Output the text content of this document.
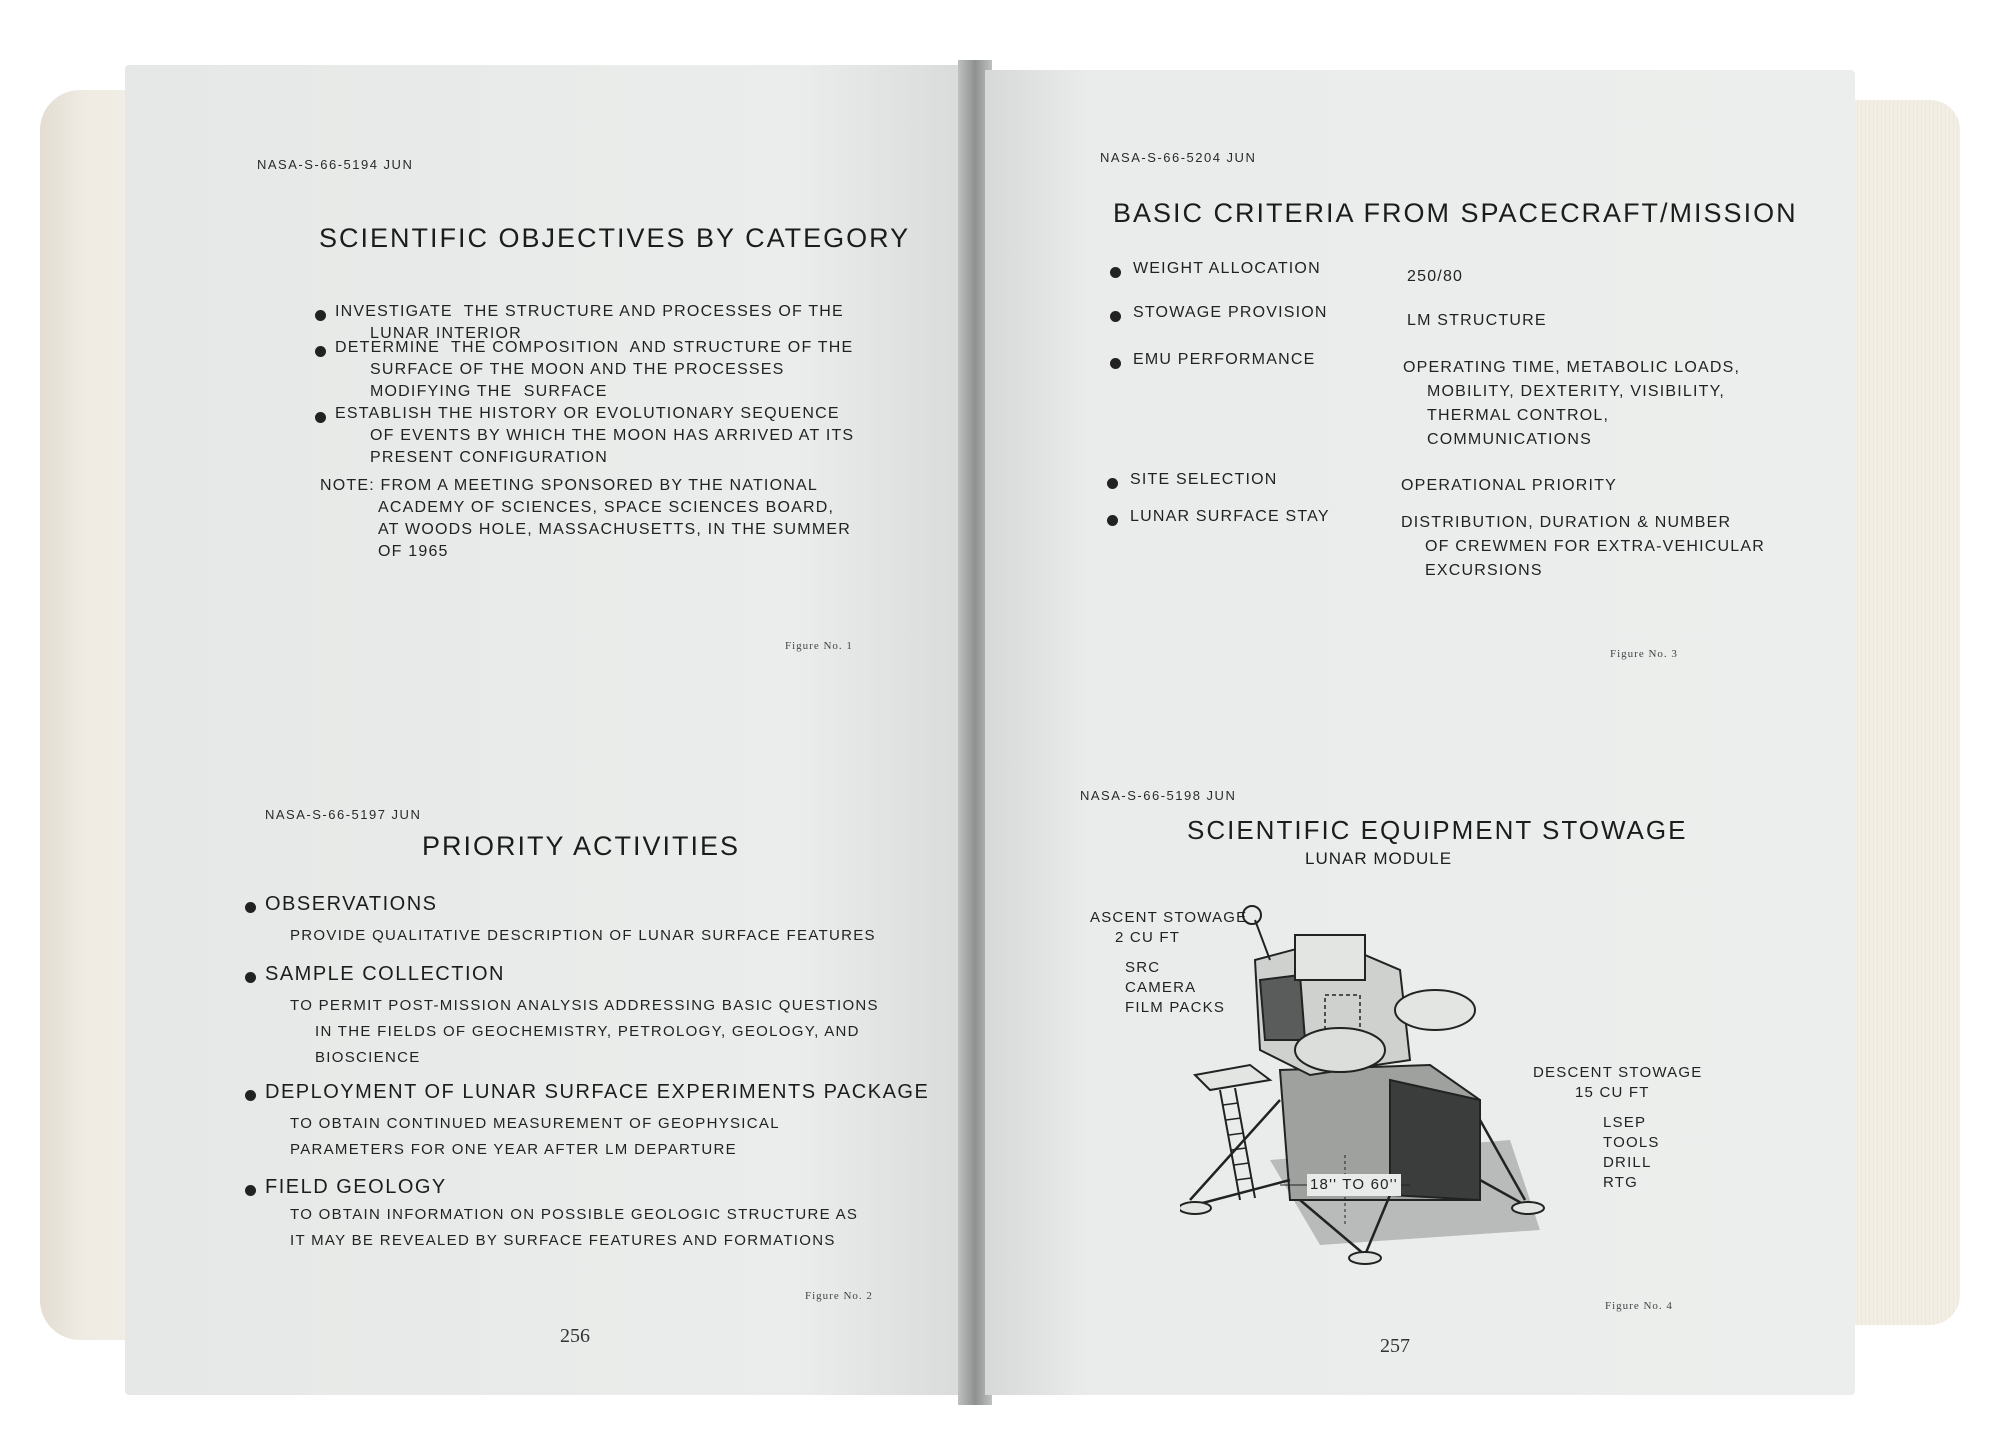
NASA-S-66-5194 JUN
SCIENTIFIC OBJECTIVES BY CATEGORY
INVESTIGATE  THE STRUCTURE AND PROCESSES OF THE
LUNAR INTERIOR
DETERMINE  THE COMPOSITION  AND STRUCTURE OF THE
SURFACE OF THE MOON AND THE PROCESSES
MODIFYING THE  SURFACE
ESTABLISH THE HISTORY OR EVOLUTIONARY SEQUENCE
OF EVENTS BY WHICH THE MOON HAS ARRIVED AT ITS
PRESENT CONFIGURATION
NOTE: FROM A MEETING SPONSORED BY THE NATIONAL
ACADEMY OF SCIENCES, SPACE SCIENCES BOARD,
AT WOODS HOLE, MASSACHUSETTS, IN THE SUMMER
OF 1965
Figure No. 1
NASA-S-66-5197 JUN
PRIORITY ACTIVITIES
OBSERVATIONS
PROVIDE QUALITATIVE DESCRIPTION OF LUNAR SURFACE FEATURES
SAMPLE COLLECTION
TO PERMIT POST-MISSION ANALYSIS ADDRESSING BASIC QUESTIONS
IN THE FIELDS OF GEOCHEMISTRY, PETROLOGY, GEOLOGY, AND
BIOSCIENCE
DEPLOYMENT OF LUNAR SURFACE EXPERIMENTS PACKAGE
TO OBTAIN CONTINUED MEASUREMENT OF GEOPHYSICAL
PARAMETERS FOR ONE YEAR AFTER LM DEPARTURE
FIELD GEOLOGY
TO OBTAIN INFORMATION ON POSSIBLE GEOLOGIC STRUCTURE AS
IT MAY BE REVEALED BY SURFACE FEATURES AND FORMATIONS
Figure No. 2
256
NASA-S-66-5204 JUN
BASIC CRITERIA FROM SPACECRAFT/MISSION
WEIGHT ALLOCATION	250/80
STOWAGE PROVISION	LM STRUCTURE
EMU PERFORMANCE	OPERATING TIME, METABOLIC LOADS,
MOBILITY, DEXTERITY, VISIBILITY,
THERMAL CONTROL,
COMMUNICATIONS
SITE SELECTION	OPERATIONAL PRIORITY
LUNAR SURFACE STAY	DISTRIBUTION, DURATION & NUMBER
OF CREWMEN FOR EXTRA-VEHICULAR
EXCURSIONS
Figure No. 3
NASA-S-66-5198 JUN
SCIENTIFIC EQUIPMENT STOWAGE
LUNAR MODULE
ASCENT STOWAGE
2 CU FT
SRC
CAMERA
FILM PACKS
DESCENT STOWAGE
15 CU FT
LSEP
TOOLS
DRILL
RTG
18'' TO 60''
Figure No. 4
257
